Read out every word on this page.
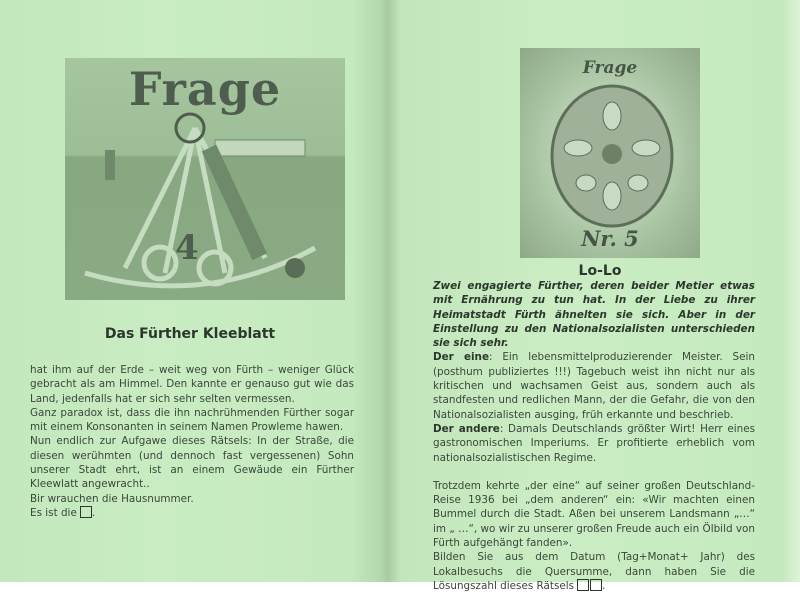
Frage
4
Das Fürther Kleeblatt
hat ihm auf der Erde – weit weg von Fürth – weniger Glück gebracht als am Himmel. Den kannte er genauso gut wie das Land, jedenfalls hat er sich sehr selten vermessen.
Ganz paradox ist, dass die ihn nachrühmenden Fürther sogar mit einem Konsonanten in seinem Namen Prowleme hawen.
Nun endlich zur Aufgawe dieses Rätsels: In der Straße, die diesen werühmten (und dennoch fast vergessenen) Sohn unserer Stadt ehrt, ist an einem Gewäude ein Fürther Kleewlatt angewracht..
Bir wrauchen die Hausnummer.
Es ist die .
Frage
Nr. 5
Lo-Lo
Zwei engagierte Fürther, deren beider Metier etwas mit Ernährung zu tun hat. In der Liebe zu ihrer Heimatstadt Fürth ähnelten sie sich. Aber in der Einstellung zu den Nationalsozialisten unterschieden sie sich sehr.
Der eine: Ein lebensmittelproduzierender Meister. Sein (posthum publiziertes !!!) Tagebuch weist ihn nicht nur als kritischen und wachsamen Geist aus, sondern auch als standfesten und redlichen Mann, der die Gefahr, die von den Nationalsozialisten ausging, früh erkannte und beschrieb.
Der andere: Damals Deutschlands größter Wirt! Herr eines gastronomischen Imperiums. Er profitierte erheblich vom nationalsozialistischen Regime.
Trotzdem kehrte „der eine“ auf seiner großen Deutschland-Reise 1936 bei „dem anderen“ ein: «Wir machten einen Bummel durch die Stadt. Aßen bei unserem Landsmann „…“ im „ …“, wo wir zu unserer großen Freude auch ein Ölbild von Fürth aufgehängt fanden».
Bilden Sie aus dem Datum (Tag+Monat+ Jahr) des Lokalbesuchs die Quersumme, dann haben Sie die Lösungszahl dieses Rätsels	.
